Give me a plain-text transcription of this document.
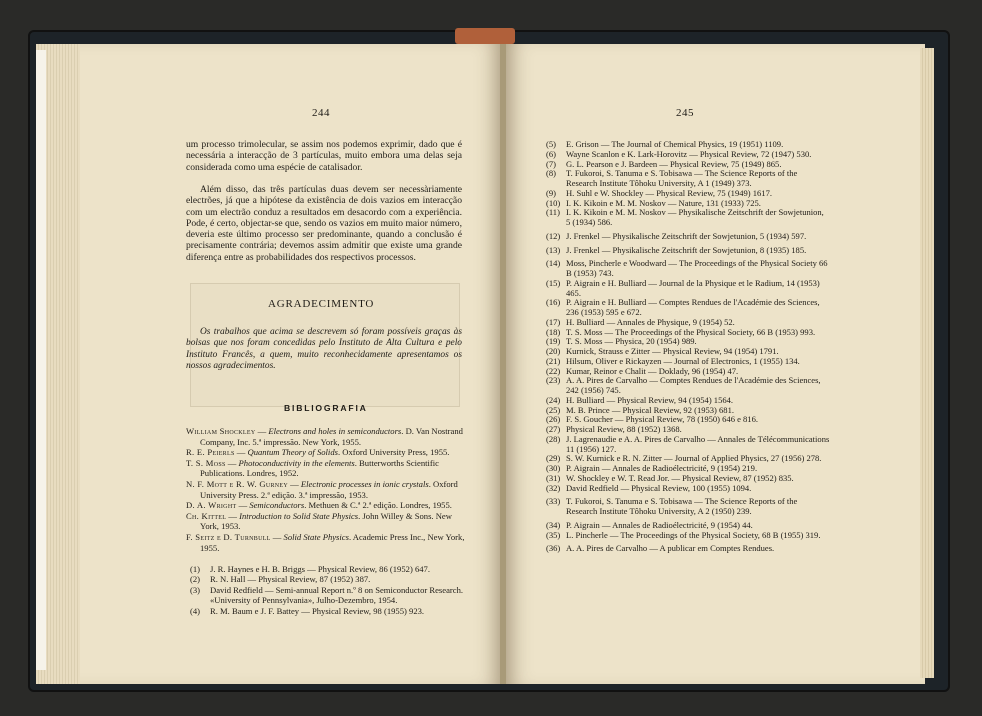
244

um processo trimolecular, se assim nos podemos exprimir, dado que é necessária a interacção de 3 partículas, muito embora uma delas seja considerada como uma espécie de catalisador.

Além disso, das três partículas duas devem ser necessàriamente electrões, já que a hipótese da existência de dois vazios em interacção com um electrão conduz a resultados em desacordo com a experiência. Pode, é certo, objectar-se que, sendo os vazios em muito maior número, deveria este último processo ser predominante, quando a conclusão é precisamente contrária; devemos assim admitir que existe uma grande diferença entre as probabilidades dos respectivos processos.

AGRADECIMENTO

Os trabalhos que acima se descrevem só foram possíveis graças às bolsas que nos foram concedidas pelo Instituto de Alta Cultura e pelo Instituto Francês, a quem, muito reconhecidamente apresentamos os nossos agradecimentos.

BIBLIOGRAFIA

William Shockley — Electrons and holes in semiconductors. D. Van Nostrand Company, Inc. 5.ª impressão. New York, 1955.

R. E. Peierls — Quantum Theory of Solids. Oxford University Press, 1955.

T. S. Moss — Photoconductivity in the elements. Butterworths Scientific Publications. Londres, 1952.

N. F. Mott e R. W. Gurney — Electronic processes in ionic crystals. Oxford University Press. 2.ª edição. 3.ª impressão, 1953.

D. A. Wright — Semiconductors. Methuen & C.ª 2.ª edição. Londres, 1955.

Ch. Kittel — Introduction to Solid State Physics. John Willey & Sons. New York, 1953.

F. Seitz e D. Turnbull — Solid State Physics. Academic Press Inc., New York, 1955.

(1)	J. R. Haynes e H. B. Briggs — Physical Review, 86 (1952) 647.
(2)	R. N. Hall — Physical Review, 87 (1952) 387.
(3)	David Redfield — Semi-annual Report n.º 8 on Semiconductor Research. «University of Pennsylvania», Julho-Dezembro, 1954.
(4)	R. M. Baum e J. F. Battey — Physical Review, 98 (1955) 923.
245
(5)	E. Grison — The Journal of Chemical Physics, 19 (1951) 1109.
(6)	Wayne Scanlon e K. Lark-Horovitz — Physical Review, 72 (1947) 530.
(7)	G. L. Pearson e J. Bardeen — Physical Review, 75 (1949) 865.
(8)	T. Fukoroi, S. Tanuma e S. Tobisawa — The Science Reports of the Research Institute Tôhoku University, A 1 (1949) 373.
(9)	H. Suhl e W. Shockley — Physical Review, 75 (1949) 1617.
(10) I. K. Kikoin e M. M. Noskov — Nature, 131 (1933) 725.
(11) I. K. Kikoin e M. M. Noskov — Physikalische Zeitschrift der Sowjetunion, 5 (1934) 586.
(12) J. Frenkel — Physikalische Zeitschrift der Sowjetunion, 5 (1934) 597.
(13) J. Frenkel — Physikalische Zeitschrift der Sowjetunion, 8 (1935) 185.
(14) Moss, Pincherle e Woodward — The Proceedings of the Physical Society 66 B (1953) 743.
(15) P. Aigrain e H. Bulliard — Journal de la Physique et le Radium, 14 (1953) 465.
(16) P. Aigrain e H. Bulliard — Comptes Rendues de l'Académie des Sciences, 236 (1953) 595 e 672.
(17) H. Bulliard — Annales de Physique, 9 (1954) 52.
(18) T. S. Moss — The Proceedings of the Physical Society, 66 B (1953) 993.
(19) T. S. Moss — Physica, 20 (1954) 989.
(20) Kurnick, Strauss e Zitter — Physical Review, 94 (1954) 1791.
(21) Hilsum, Oliver e Rickayzen — Journal of Electronics, 1 (1955) 134.
(22) Kumar, Reinor e Chalit — Doklady, 96 (1954) 47.
(23) A. A. Pires de Carvalho — Comptes Rendues de l'Académie des Sciences, 242 (1956) 745.
(24) H. Bulliard — Physical Review, 94 (1954) 1564.
(25) M. B. Prince — Physical Review, 92 (1953) 681.
(26) F. S. Goucher — Physical Review, 78 (1950) 646 e 816.
(27) Physical Review, 88 (1952) 1368.
(28) J. Lagrenaudie e A. A. Pires de Carvalho — Annales de Télécommunications 11 (1956) 127.
(29) S. W. Kurnick e R. N. Zitter — Journal of Applied Physics, 27 (1956) 278.
(30) P. Aigrain — Annales de Radioélectricité, 9 (1954) 219.
(31) W. Shockley e W. T. Read Jor. — Physical Review, 87 (1952) 835.
(32) David Redfield — Physical Review, 100 (1955) 1094.
(33) T. Fukoroi, S. Tanuma e S. Tobisawa — The Science Reports of the Research Institute Tôhoku University, A 2 (1950) 239.
(34) P. Aigrain — Annales de Radioélectricité, 9 (1954) 44.
(35) L. Pincherle — The Proceedings of the Physical Society, 68 B (1955) 319.
(36) A. A. Pires de Carvalho — A publicar em Comptes Rendues.
